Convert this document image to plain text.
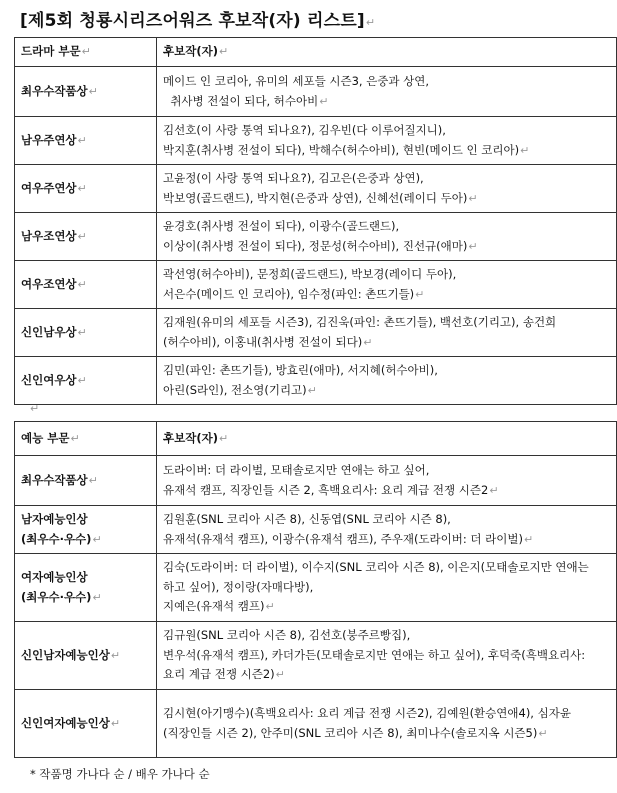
[제5회 청룡시리즈어워즈 후보작(자) 리스트]↵
드라마 부문↵	후보작(자)↵
최우수작품상↵	메이드 인 코리아, 유미의 세포들 시즌3, 은중과 상연,
취사병 전설이 되다, 허수아비↵
남우주연상↵	김선호(이 사랑 통역 되나요?), 김우빈(다 이루어질지니),
박지훈(취사병 전설이 되다), 박해수(허수아비), 현빈(메이드 인 코리아)↵
여우주연상↵	고윤정(이 사랑 통역 되나요?), 김고은(은중과 상연),
박보영(골드랜드), 박지현(은중과 상연), 신혜선(레이디 두아)↵
남우조연상↵	윤경호(취사병 전설이 되다), 이광수(골드랜드),
이상이(취사병 전설이 되다), 정문성(허수아비), 진선규(애마)↵
여우조연상↵	곽선영(허수아비), 문정희(골드랜드), 박보경(레이디 두아),
서은수(메이드 인 코리아), 임수정(파인: 촌뜨기들)↵
신인남우상↵	김재원(유미의 세포들 시즌3), 김진욱(파인: 촌뜨기들), 백선호(기리고), 송건희(허수아비), 이홍내(취사병 전설이 되다)↵
신인여우상↵	김민(파인: 촌뜨기들), 방효린(애마), 서지혜(허수아비),
아린(S라인), 전소영(기리고)↵
↵
예능 부문↵	후보작(자)↵
최우수작품상↵	도라이버: 더 라이벌, 모태솔로지만 연애는 하고 싶어,
유재석 캠프, 직장인들 시즌 2, 흑백요리사: 요리 계급 전쟁 시즌2↵
남자예능인상
(최우수·우수)↵	김원훈(SNL 코리아 시즌 8), 신동엽(SNL 코리아 시즌 8),
유재석(유재석 캠프), 이광수(유재석 캠프), 주우재(도라이버: 더 라이벌)↵
여자예능인상
(최우수·우수)↵	김숙(도라이버: 더 라이벌), 이수지(SNL 코리아 시즌 8), 이은지(모태솔로지만 연애는 하고 싶어), 정이랑(자매다방),
지예은(유재석 캠프)↵
신인남자예능인상↵	김규원(SNL 코리아 시즌 8), 김선호(붕주르빵집),
변우석(유재석 캠프), 카더가든(모태솔로지만 연애는 하고 싶어), 후덕죽(흑백요리사: 요리 계급 전쟁 시즌2)↵
신인여자예능인상↵	김시현(아기맹수)(흑백요리사: 요리 계급 전쟁 시즌2), 김예원(환승연애4), 심자윤(직장인들 시즌 2), 안주미(SNL 코리아 시즌 8), 최미나수(솔로지옥 시즌5)↵
* 작품명 가나다 순 / 배우 가나다 순
